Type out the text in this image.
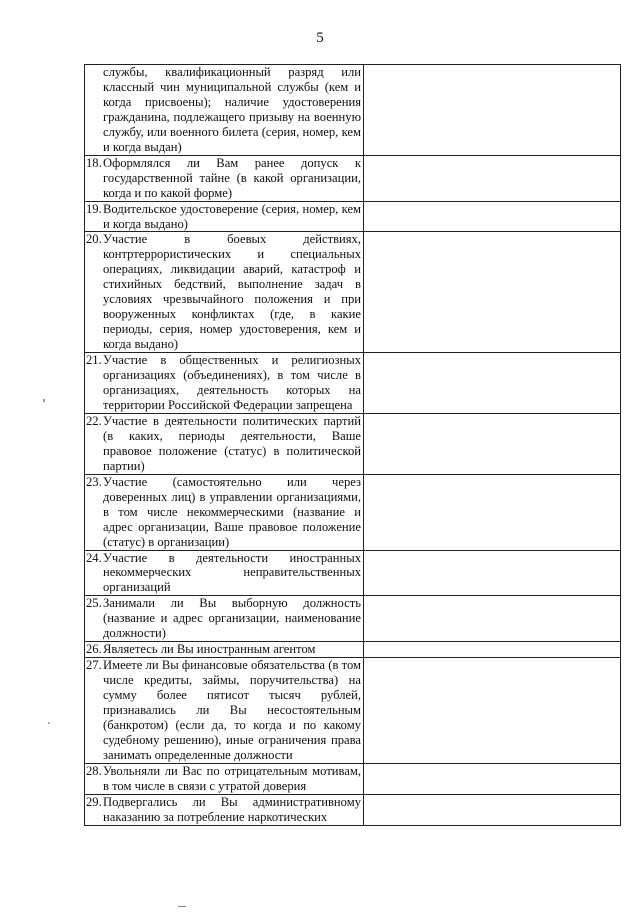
5
службы, квалификационный разряд или классный чин муниципальной службы (кем и когда присвоены); наличие удостоверения гражданина, подлежащего призыву на военную службу, или военного билета (серия, номер, кем и когда выдан)	

18. Оформлялся ли Вам ранее допуск к государственной тайне (в какой организации, когда и по какой форме)	

19. Водительское удостоверение (серия, номер, кем и когда выдано)	

20. Участие в боевых действиях, контртеррористических и специальных операциях, ликвидации аварий, катастроф и стихийных бедствий, выполнение задач в условиях чрезвычайного положения и при вооруженных конфликтах (где, в какие периоды, серия, номер удостоверения, кем и когда выдано)	

21. Участие в общественных и религиозных организациях (объединениях), в том числе в организациях, деятельность которых на территории Российской Федерации запрещена	

22. Участие в деятельности политических партий (в каких, периоды деятельности, Ваше правовое положение (статус) в политической партии)	

23. Участие (самостоятельно или через доверенных лиц) в управлении организациями, в том числе некоммерческими (название и адрес организации, Ваше правовое положение (статус) в организации)	

24. Участие в деятельности иностранных некоммерческих неправительственных организаций	

25. Занимали ли Вы выборную должность (название и адрес организации, наименование должности)	

26. Являетесь ли Вы иностранным агентом	

27. Имеете ли Вы финансовые обязательства (в том числе кредиты, займы, поручительства) на сумму более пятисот тысяч рублей, признавались ли Вы несостоятельным (банкротом) (если да, то когда и по какому судебному решению), иные ограничения права занимать определенные должности	

28. Увольняли ли Вас по отрицательным мотивам, в том числе в связи с утратой доверия	

29. Подвергались ли Вы административному наказанию за потребление наркотических	
